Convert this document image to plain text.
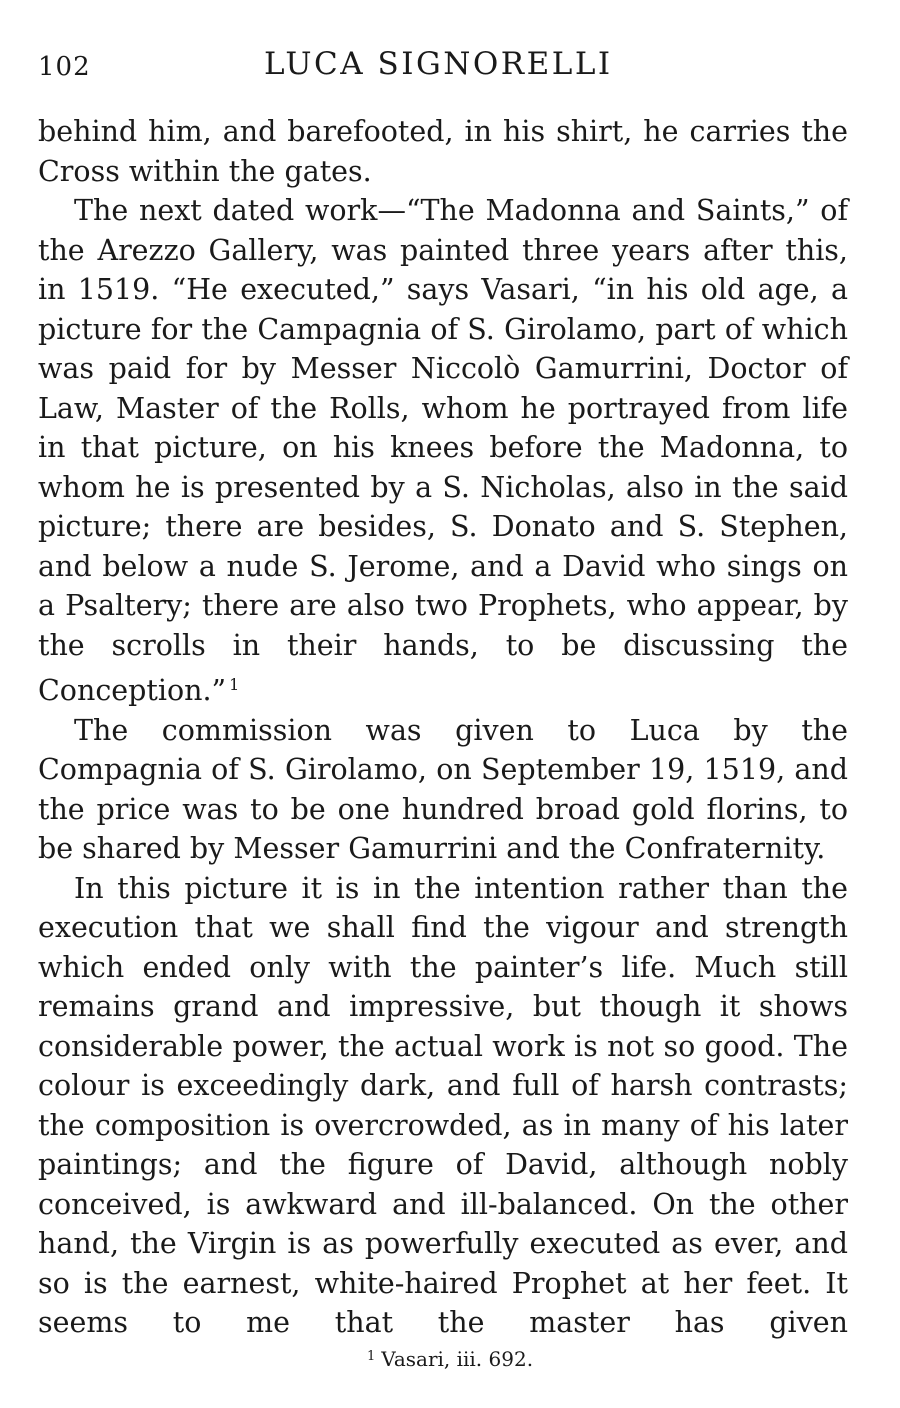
102	LUCA SIGNORELLI

behind him, and barefooted, in his shirt, he carries the Cross within the gates.

The next dated work—“The Madonna and Saints,” of the Arezzo Gallery, was painted three years after this, in 1519. “He executed,” says Vasari, “in his old age, a picture for the Campagnia of S. Girolamo, part of which was paid for by Messer Niccolò Gamurrini, Doctor of Law, Master of the Rolls, whom he portrayed from life in that picture, on his knees before the Madonna, to whom he is presented by a S. Nicholas, also in the said picture; there are besides, S. Donato and S. Stephen, and below a nude S. Jerome, and a David who sings on a Psaltery; there are also two Prophets, who appear, by the scrolls in their hands, to be discussing the Conception.” $^1$

The commission was given to Luca by the Compagnia of S. Girolamo, on September 19, 1519, and the price was to be one hundred broad gold florins, to be shared by Messer Gamurrini and the Confraternity.

In this picture it is in the intention rather than the execution that we shall find the vigour and strength which ended only with the painter’s life. Much still remains grand and impressive, but though it shows considerable power, the actual work is not so good. The colour is exceedingly dark, and full of harsh contrasts; the composition is overcrowded, as in many of his later paintings; and the figure of David, although nobly conceived, is awkward and ill-balanced. On the other hand, the Virgin is as powerfully executed as ever, and so is the earnest, white-haired Prophet at her feet. It seems to me that the master has given

$^1$ Vasari, iii. 692.
